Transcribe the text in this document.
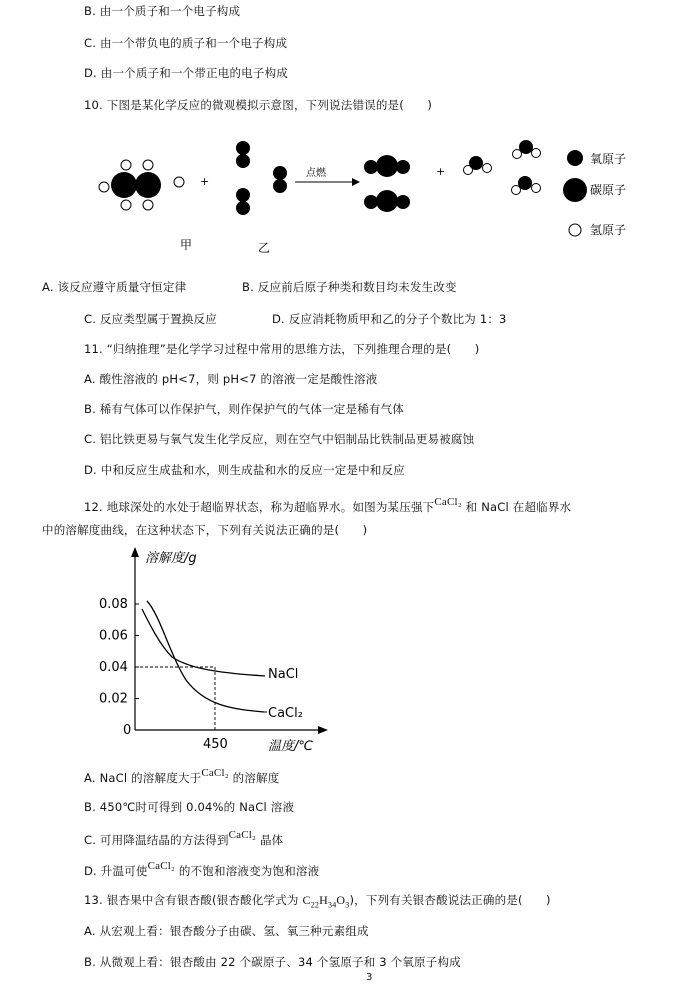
B. 由一个质子和一个电子构成
C. 由一个带负电的质子和一个电子构成
D. 由一个质子和一个带正电的电子构成
10. 下图是某化学反应的微观模拟示意图，下列说法错误的是(　　)
甲
+
乙
点燃	+
氧原子
碳原子
氢原子
A. 该反应遵守质量守恒定律	B. 反应前后原子种类和数目均未发生改变
C. 反应类型属于置换反应	D. 反应消耗物质甲和乙的分子个数比为 1：3
11. “归纳推理”是化学学习过程中常用的思维方法，下列推理合理的是(　　)
A. 酸性溶液的 pH<7，则 pH<7 的溶液一定是酸性溶液
B. 稀有气体可以作保护气，则作保护气的气体一定是稀有气体
C. 铝比铁更易与氧气发生化学反应，则在空气中铝制品比铁制品更易被腐蚀
D. 中和反应生成盐和水，则生成盐和水的反应一定是中和反应
12. 地球深处的水处于超临界状态，称为超临界水。如图为某压强下CaCl₂ 和 NaCl 在超临界水
中的溶解度曲线，在这种状态下，下列有关说法正确的是(　　)
溶解度/g
温度/℃
0.08
0.06
0.04
0.02
0
450
NaCl
CaCl₂
A. NaCl 的溶解度大于CaCl₂ 的溶解度
B. 450℃时可得到 0.04%的 NaCl 溶液
C. 可用降温结晶的方法得到CaCl₂ 晶体
D. 升温可使CaCl₂ 的不饱和溶液变为饱和溶液
13. 银杏果中含有银杏酸(银杏酸化学式为 $C_{22}H_{34}O_3$)，下列有关银杏酸说法正确的是(　　)
A. 从宏观上看：银杏酸分子由碳、氢、氧三种元素组成
B. 从微观上看：银杏酸由 22 个碳原子、34 个氢原子和 3 个氧原子构成
3
